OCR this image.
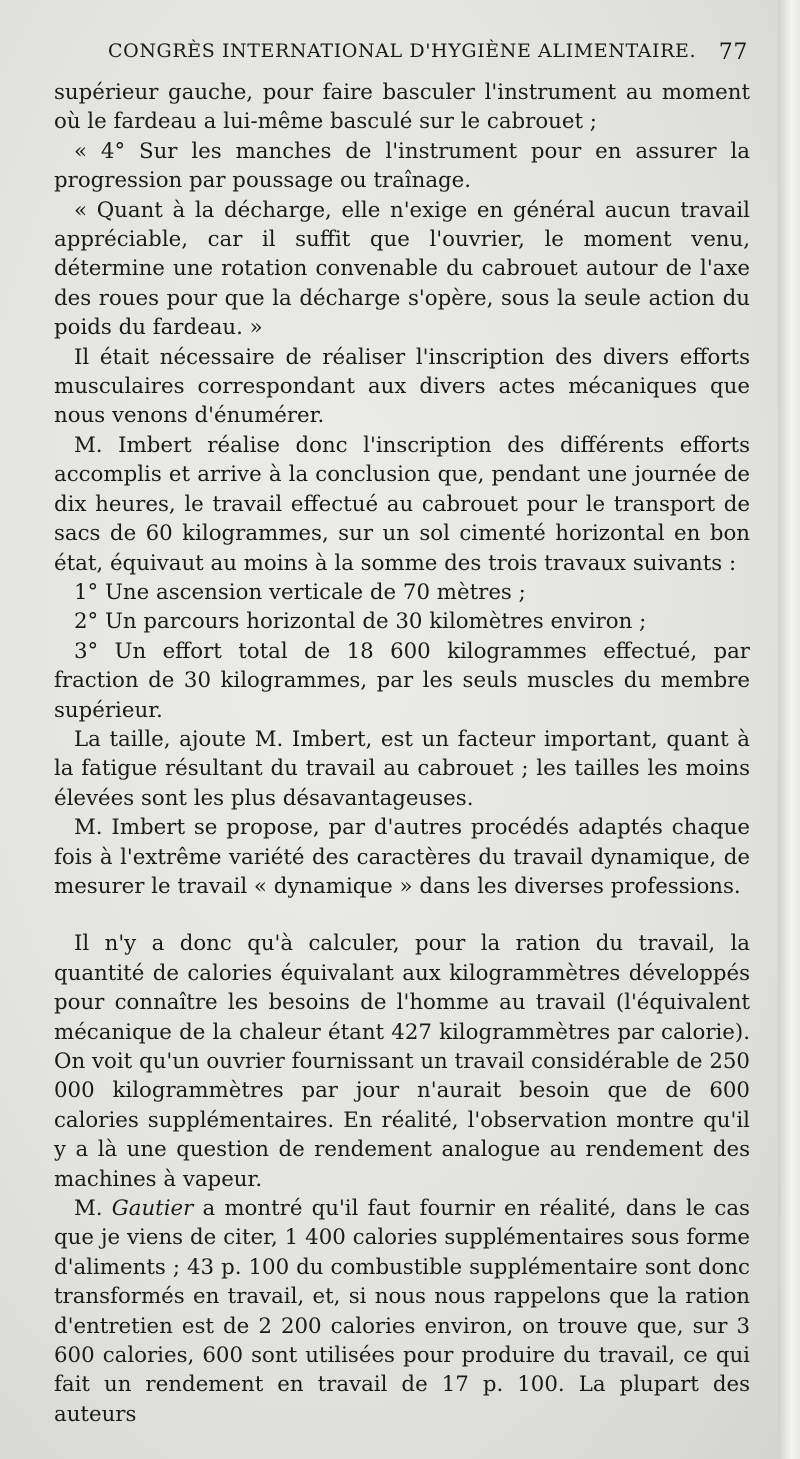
CONGRÈS INTERNATIONAL D'HYGIÈNE ALIMENTAIRE. 77

supérieur gauche, pour faire basculer l'instrument au moment où le fardeau a lui-même basculé sur le cabrouet ;

« 4° Sur les manches de l'instrument pour en assurer la progression par poussage ou traînage.

« Quant à la décharge, elle n'exige en général aucun travail appréciable, car il suffit que l'ouvrier, le moment venu, détermine une rotation convenable du cabrouet autour de l'axe des roues pour que la décharge s'opère, sous la seule action du poids du fardeau. »

Il était nécessaire de réaliser l'inscription des divers efforts musculaires correspondant aux divers actes mécaniques que nous venons d'énumérer.

M. Imbert réalise donc l'inscription des différents efforts accomplis et arrive à la conclusion que, pendant une journée de dix heures, le travail effectué au cabrouet pour le transport de sacs de 60 kilogrammes, sur un sol cimenté horizontal en bon état, équivaut au moins à la somme des trois travaux suivants :

1° Une ascension verticale de 70 mètres ;

2° Un parcours horizontal de 30 kilomètres environ ;

3° Un effort total de 18 600 kilogrammes effectué, par fraction de 30 kilogrammes, par les seuls muscles du membre supérieur.

La taille, ajoute M. Imbert, est un facteur important, quant à la fatigue résultant du travail au cabrouet ; les tailles les moins élevées sont les plus désavantageuses.

M. Imbert se propose, par d'autres procédés adaptés chaque fois à l'extrême variété des caractères du travail dynamique, de mesurer le travail « dynamique » dans les diverses professions.

Il n'y a donc qu'à calculer, pour la ration du travail, la quantité de calories équivalant aux kilogrammètres développés pour connaître les besoins de l'homme au travail (l'équivalent mécanique de la chaleur étant 427 kilogrammètres par calorie). On voit qu'un ouvrier fournissant un travail considérable de 250 000 kilogrammètres par jour n'aurait besoin que de 600 calories supplémentaires. En réalité, l'observation montre qu'il y a là une question de rendement analogue au rendement des machines à vapeur.

M. Gautier a montré qu'il faut fournir en réalité, dans le cas que je viens de citer, 1 400 calories supplémentaires sous forme d'aliments ; 43 p. 100 du combustible supplémentaire sont donc transformés en travail, et, si nous nous rappelons que la ration d'entretien est de 2 200 calories environ, on trouve que, sur 3 600 calories, 600 sont utilisées pour produire du travail, ce qui fait un rendement en travail de 17 p. 100. La plupart des auteurs
